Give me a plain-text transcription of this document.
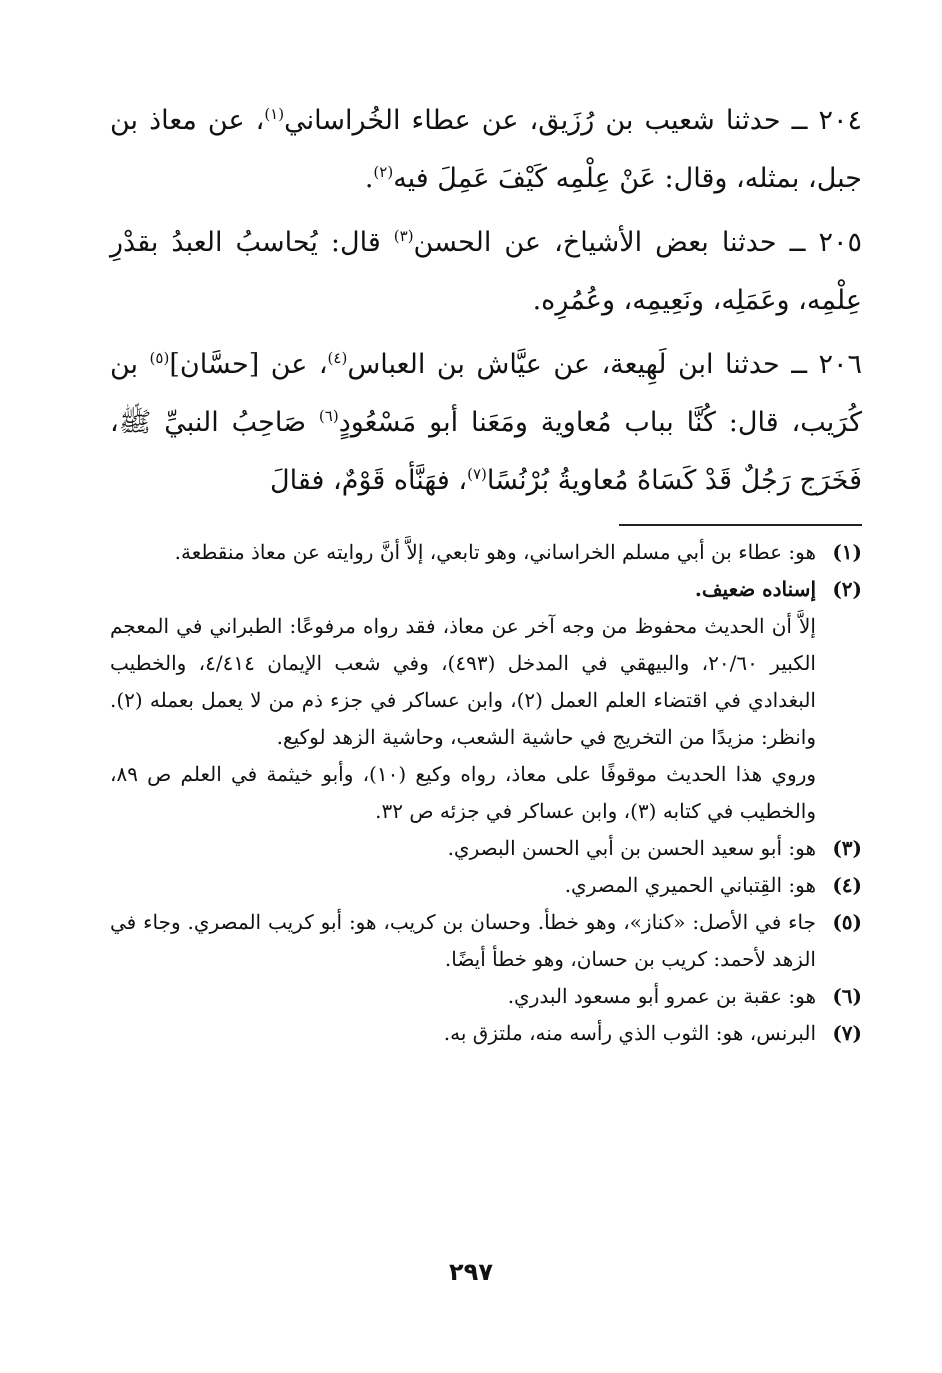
٢٠٤ ــ حدثنا شعيب بن رُزَيق، عن عطاء الخُراساني$^{(١)}$، عن معاذ بن جبل، بمثله، وقال: عَنْ عِلْمِه كَيْفَ عَمِلَ فيه$^{(٢)}$.

٢٠٥ ــ حدثنا بعض الأشياخ، عن الحسن$^{(٣)}$ قال: يُحاسبُ العبدُ بقدْرِ عِلْمِه، وعَمَلِه، ونَعِيمِه، وعُمُرِه.

٢٠٦ ــ حدثنا ابن لَهِيعة، عن عيَّاش بن العباس$^{(٤)}$، عن [حسَّان]$^{(٥)}$ بن كُرَيب، قال: كُنَّا بباب مُعاوية ومَعَنا أبو مَسْعُودٍ$^{(٦)}$ صَاحِبُ النبيِّ ﷺ، فَخَرَج رَجُلٌ قَدْ كَسَاهُ مُعاويةُ بُرْنُسًا$^{(٧)}$، فهَنَّأه قَوْمٌ، فقالَ

(١)
هو: عطاء بن أبي مسلم الخراساني، وهو تابعي، إلاَّ أنَّ روايته عن معاذ منقطعة.
(٢)

إسناده ضعيف.

إلاَّ أن الحديث محفوظ من وجه آخر عن معاذ، فقد رواه مرفوعًا: الطبراني في المعجم الكبير ٢٠/٦٠، والبيهقي في المدخل (٤٩٣)، وفي شعب الإيمان ٤/٤١٤، والخطيب البغدادي في اقتضاء العلم العمل (٢)، وابن عساكر في جزء ذم من لا يعمل بعمله (٢). وانظر: مزيدًا من التخريج في حاشية الشعب، وحاشية الزهد لوكيع.

وروي هذا الحديث موقوفًا على معاذ، رواه وكيع (١٠)، وأبو خيثمة في العلم ص ٨٩، والخطيب في كتابه (٣)، وابن عساكر في جزئه ص ٣٢.

(٣)
هو: أبو سعيد الحسن بن أبي الحسن البصري.
(٤)
هو: القِتباني الحميري المصري.
(٥)
جاء في الأصل: «كناز»، وهو خطأ. وحسان بن كريب، هو: أبو كريب المصري. وجاء في الزهد لأحمد: كريب بن حسان، وهو خطأ أيضًا.
(٦)
هو: عقبة بن عمرو أبو مسعود البدري.
(٧)
البرنس، هو: الثوب الذي رأسه منه، ملتزق به.
٢٩٧
